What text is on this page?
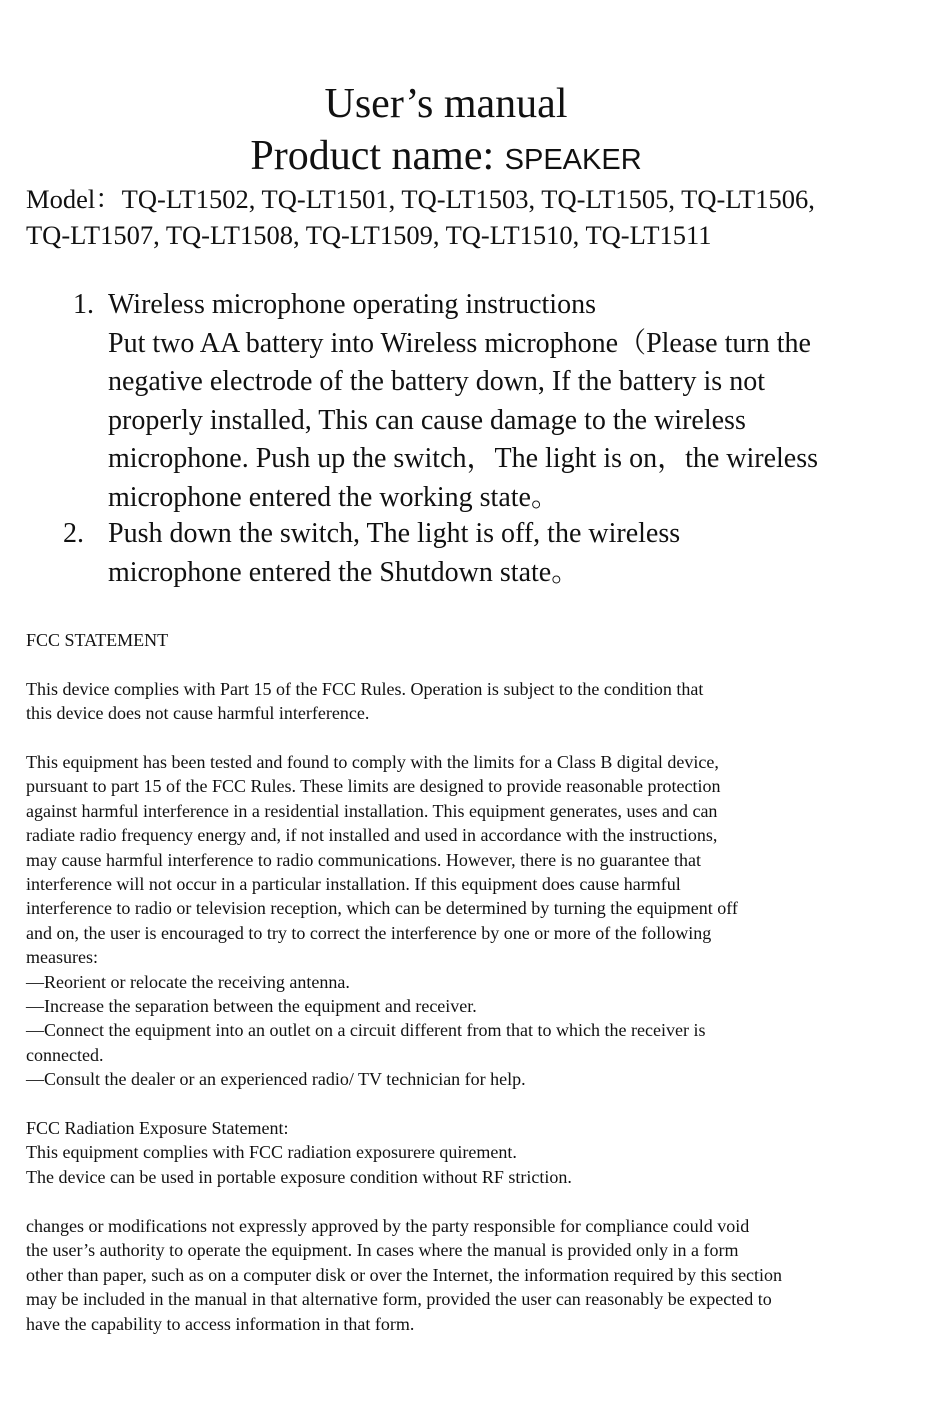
User’s manual
Product name: SPEAKER
Model：TQ-LT1502, TQ-LT1501, TQ-LT1503, TQ-LT1505, TQ-LT1506,
TQ-LT1507, TQ-LT1508, TQ-LT1509, TQ-LT1510, TQ-LT1511
1. Wireless microphone operating instructions
Put two AA battery into Wireless microphone（Please turn the
negative electrode of the battery down, If the battery is not
properly installed, This can cause damage to the wireless
microphone. Push up the switch，The light is on，the wireless
microphone entered the working state。
2. Push down the switch, The light is off, the wireless
microphone entered the Shutdown state。
FCC STATEMENT
This device complies with Part 15 of the FCC Rules. Operation is subject to the condition that
this device does not cause harmful interference.
This equipment has been tested and found to comply with the limits for a Class B digital device,
pursuant to part 15 of the FCC Rules. These limits are designed to provide reasonable protection
against harmful interference in a residential installation. This equipment generates, uses and can
radiate radio frequency energy and, if not installed and used in accordance with the instructions,
may cause harmful interference to radio communications. However, there is no guarantee that
interference will not occur in a particular installation. If this equipment does cause harmful
interference to radio or television reception, which can be determined by turning the equipment off
and on, the user is encouraged to try to correct the interference by one or more of the following
measures:
—Reorient or relocate the receiving antenna.
—Increase the separation between the equipment and receiver.
—Connect the equipment into an outlet on a circuit different from that to which the receiver is
connected.
—Consult the dealer or an experienced radio/ TV technician for help.
FCC Radiation Exposure Statement:
This equipment complies with FCC radiation exposurere quirement.
The device can be used in portable exposure condition without RF striction.
changes or modifications not expressly approved by the party responsible for compliance could void
the user’s authority to operate the equipment. In cases where the manual is provided only in a form
other than paper, such as on a computer disk or over the Internet, the information required by this section
may be included in the manual in that alternative form, provided the user can reasonably be expected to
have the capability to access information in that form.
